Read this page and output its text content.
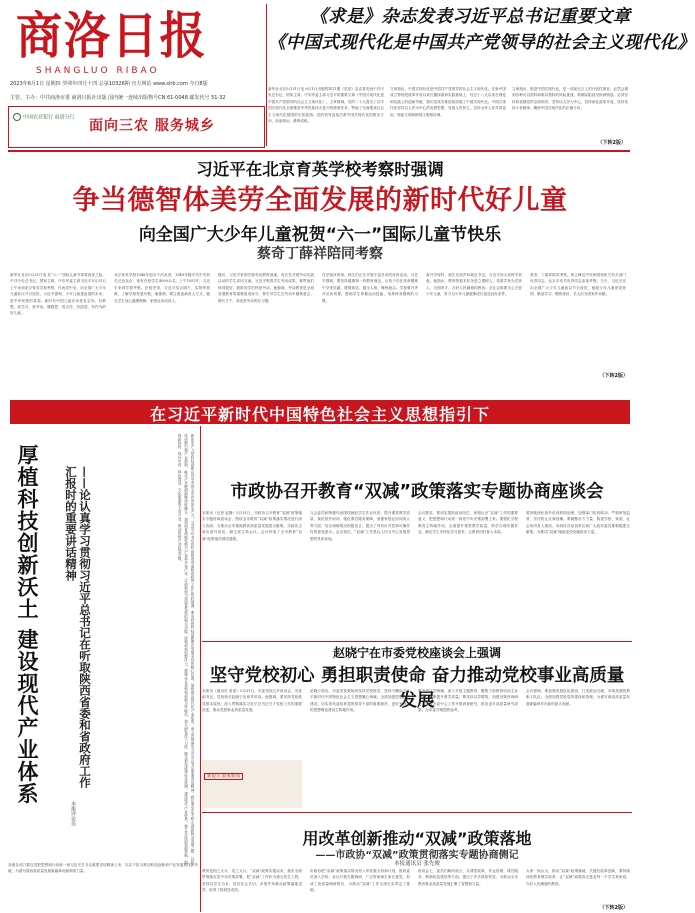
商洛日报
SHANGLUO RIBAO
2023年6月1日 星期四 癸卯年四月十四 总第10326期 官方网站 www.slrb.com 今日8版
主管、主办：中共商洛市委 商洛日报社出版 国内统一连续出版物号CN 61-0048 邮发代号 51-32
中国农业银行 商洛分行
面向三农 服务城乡
《求是》杂志发表习近平总书记重要文章
《中国式现代化是中国共产党领导的社会主义现代化》
新华社北京5月31日电 6月1日出版的第11期《求是》杂志将发表中共中央总书记、国家主席、中央军委主席习近平的重要文章《中国式现代化是中国共产党领导的社会主义现代化》。文章强调，党的二十大提出了以中国式现代化全面推进中华民族伟大复兴的使命任务，擘画了全面建成社会主义现代化强国的宏伟蓝图。党的领导直接关系中国式现代化的根本方向、前途命运、最终成败。
文章指出，中国式现代化是中国共产党领导的社会主义现代化。在新中国成立特别是改革开放以来长期探索和实践基础上，经过十八大以来在理论和实践上的创新突破，我们党成功推进和拓展了中国式现代化。中国式现代化坚持以人民为中心的发展思想，发展人民民主，坚持全体人民共同富裕，物质文明和精神文明相协调。
文章指出，推进中国式现代化，是一项前无古人的开创性事业，必然会遇到各种可以预料和难以预料的风险挑战、艰难险阻甚至惊涛骇浪。必须坚持和加强党的全面领导，坚持以人民为中心，坚持深化改革开放，坚持发扬斗争精神，确保中国式现代化的正确方向。
（下转2版）
习近平在北京育英学校考察时强调
争当德智体美劳全面发展的新时代好儿童
向全国广大少年儿童祝贺“六一”国际儿童节快乐
蔡奇丁薛祥陪同考察
新华社北京5月31日电 在“六一”国际儿童节即将到来之际，中共中央总书记、国家主席、中央军委主席习近平5月31日上午来到北京育英学校考察，代表党中央，向全国广大少年儿童致以节日祝贺。习近平强调，少年儿童是祖国的未来，是中华民族的希望。新时代中国儿童应该是有志向、有梦想，爱学习、爱劳动，懂感恩、善合作，有创造、有作为的好儿童。
北京育英学校1948年创办于河北省，1949年随中共中央机关迁至北京，现有在校学生4000余名。上午10时许，习近平来到学校考察。在校史馆，习近平结合图片、实物等展陈，了解学校发展历程。他强调，要注重创新育人方式，健全学生身心健康保障，家校社协同育人。
随后，习近平来到学校劳动教育基地，同正在开展劳动实践活动的学生亲切交流。习近平察看学生劳动成果，称赞他们种得很好，鼓励同学们热爱劳动。他强调，劳动教育是全面发展教育的重要组成部分，要引导学生在劳动中磨炼意志、增长才干，养成爱劳动的好习惯。
在学校体育场，师生们正在开展丰富多彩的体育活动。习近平强调，要坚持健康第一的教育理念，让孩子们在体育锻炼中享受乐趣、增强体质、健全人格、锤炼意志。学校要开齐开足体育课，帮助学生掌握运动技能，培养终身锻炼的习惯。
离开学校时，师生们高声问候总书记，习近平向大家挥手致意。他指出，教育的根本任务是立德树人，希望学校为党育人、为国育才，办好人民满意的教育。全社会都要关心关爱少年儿童，努力为少年儿童健康成长创造良好条件。
蔡奇、丁薛祥陪同考察。何立峰及中央和国家机关有关部门负责同志，北京市有关负责同志参加考察。当天，习近平还向全国广大少年儿童致以节日祝贺，勉励少年儿童爱党爱国、勤奋学习、锻炼身体，长大后为国家作贡献。
（下转2版）
在习近平新时代中国特色社会主义思想指引下
厚植科技创新沃土 建设现代产业体系	——论认真学习贯彻习近平总书记在听取陕西省委和省政府工作汇报时的重要讲话精神
本报评论员	新质生产力是科技创新在其中发挥主导作用的生产力。习近平总书记在听取陕西省委和省政府工作汇报时强调，要坚持把科技创新摆在发展全局的核心位置，加快建设现代化产业体系。深入贯彻落实习近平总书记重要讲话精神，我们要坚定不移走创新驱动发展之路，以科技创新引领产业创新，推动产业链创新链深度融合，加快培育战略性新兴产业和未来产业，让创新成为高质量发展的强大动能。厚植科技创新沃土，要强化企业科技创新主体地位，加大研发投入力度，健全科技成果转化机制。建设现代产业体系，要立足商洛资源禀赋，做强新材料、现代中药、绿色食品、文化旅游等主导产业，推动传统产业转型升级。
各级各部门要自觉把思想和行动统一到习近平总书记重要讲话精神上来，以实干担当推动科技创新和产业发展取得新突破，为谱写陕西高质量发展新篇章贡献商洛力量。
市政协召开教育“双减”政策落实专题协商座谈会
本报讯（记者 赵静）5月31日，市政协召开教育“双减”政策落实专题协商座谈会，围绕全市教育“双减”政策落实情况进行深入协商，为推动全市基础教育高质量发展建言献策。市政协主席出席并讲话，副主席主持会议。会议听取了全市教育“双减”政策落实情况通报。
与会委员和特邀代表围绕减轻学生作业负担、提升课堂教学质量、规范校外培训、强化课后服务保障、加强家校社协同育人等方面，结合调研情况积极发言，提出了具有针对性和可操作性的意见建议。会议指出，“双减”工作是以人民为中心发展思想的具体体现。
会议要求，要切实提高政治站位，深刻认识“双减”工作的重要意义，把思想和行动统一到党中央决策部署上来。要强化学校教育主阵地作用，全面提升课堂教学质量，科学合理布置作业，满足学生多样化学习需求，让教育回归育人本真。
要持续深化校外培训机构治理，加强部门协同联动，严格审批监管，坚决防止反弹回潮。要凝聚各方力量，构建学校、家庭、社会协同育人格局，市政协各参加单位和广大政协委员要积极建言献策，为推动“双减”落地见效贡献政协力量。
赵晓宁在市委党校座谈会上强调
坚守党校初心 勇担职责使命 奋力推动党校事业高质量发展
本报讯（通讯员 姜雷）5月31日，市委党校召开座谈会，市委副书记、党校校长赵晓宁出席并讲话。他强调，要坚持党校姓党根本原则，深入贯彻落实习近平总书记关于党校工作的重要论述，推动党校事业高质量发展。
新提示 政策新闻
赵晓宁指出，市委党校要始终坚持党校姓党，坚持不懈用习近平新时代中国特色社会主义思想凝心铸魂，全面加强思想政治建设，切实担负起培养党的领导干部的重要职责，更好发挥党的思想理论建设主阵地作用。
要坚持以学铸魂，深入开展主题教育，聚焦干部教育培训主业主课，不断提升教学质量。要坚持以学增智，加强决策咨询研究，围绕市委中心工作开展调查研究，推出更多高质量研究成果，为市委决策提供参考。
会议强调，要加强党校队伍建设，打造政治过硬、本领高强的教职工队伍，全面加强党校党的建设和管理，为谱写商洛高质量发展新篇章作出新的更大贡献。
用改革创新推动“双减”政策落地
——市政协“双减”政策贯彻落实专题协商侧记
本报通讯员 张先俊
教育是国之大计、党之大计。“双减”政策实施以来，我市全面贯彻落实党中央决策部署，把“双减”工作作为重大民生工程，坚持以学生为本、回应社会关切，多措并举推动政策落地见效，取得了阶段性成效。
市政协把“双减”政策落实情况列入年度重点协商计划，组织委员深入学校、社区开展专题调研，广泛听取师生家长意见，形成了高质量调研报告，为推动“双减”工作走深走实奠定了基础。
座谈会上，委员们畅所欲言，从课堂改革、作业管理、课后服务、教师队伍建设等方面，提出了许多真知灼见，为推动全市教育事业高质量发展汇聚了智慧和力量。
大家一致认为，推动“双减”政策落地，关键在改革创新，要持续深化教育教学改革，让“双减”政策真正惠及每一个学生和家庭，办好人民满意的教育。
（下转2版）
